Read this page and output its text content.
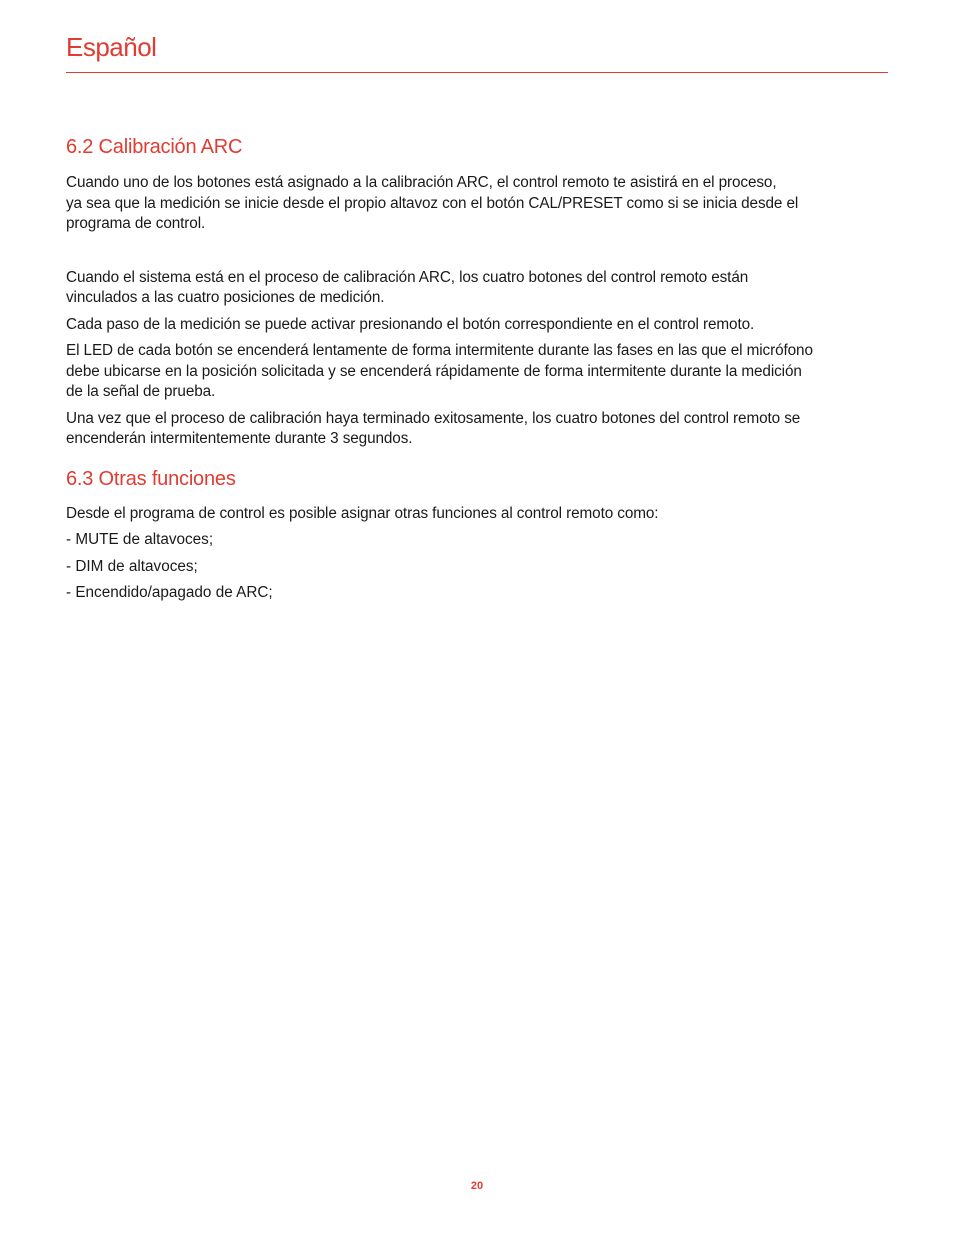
Español
6.2 Calibración ARC

Cuando uno de los botones está asignado a la calibración ARC, el control remoto te asistirá en el proceso,
ya sea que la medición se inicie desde el propio altavoz con el botón CAL/PRESET como si se inicia desde el
programa de control.

Cuando el sistema está en el proceso de calibración ARC, los cuatro botones del control remoto están
vinculados a las cuatro posiciones de medición.

Cada paso de la medición se puede activar presionando el botón correspondiente en el control remoto.

El LED de cada botón se encenderá lentamente de forma intermitente durante las fases en las que el micrófono
debe ubicarse en la posición solicitada y se encenderá rápidamente de forma intermitente durante la medición
de la señal de prueba.

Una vez que el proceso de calibración haya terminado exitosamente, los cuatro botones del control remoto se
encenderán intermitentemente durante 3 segundos.

6.3 Otras funciones

Desde el programa de control es posible asignar otras funciones al control remoto como:

- MUTE de altavoces;

- DIM de altavoces;

- Encendido/apagado de ARC;

20
